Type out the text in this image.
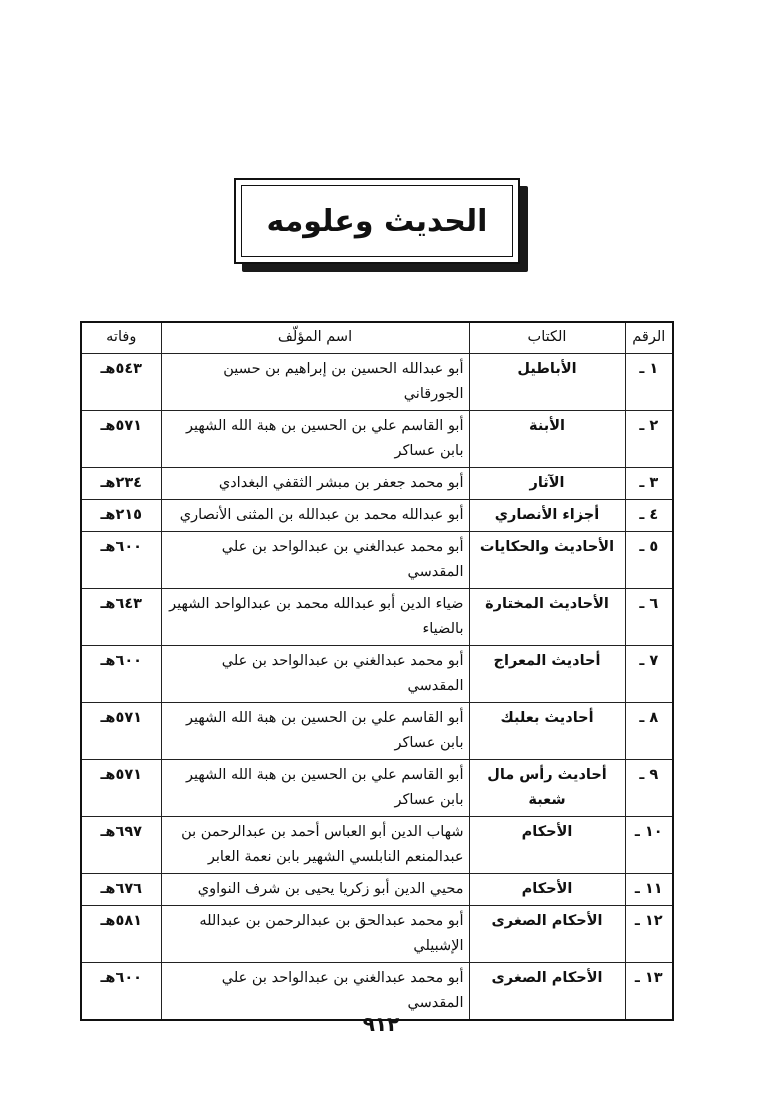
الحديث وعلومه
الرقم	الكتاب	اسم المؤلّف	وفاته
١ ـ	الأباطيل	أبو عبدالله الحسين بن إبراهيم بن حسين الجورقاني	٥٤٣هـ
٢ ـ	الأبنة	أبو القاسم علي بن الحسين بن هبة الله الشهير بابن عساكر	٥٧١هـ
٣ ـ	الآثار	أبو محمد جعفر بن مبشر الثقفي البغدادي	٢٣٤هـ
٤ ـ	أجزاء الأنصاري	أبو عبدالله محمد بن عبدالله بن المثنى الأنصاري	٢١٥هـ
٥ ـ	الأحاديث والحكايات	أبو محمد عبدالغني بن عبدالواحد بن علي المقدسي	٦٠٠هـ
٦ ـ	الأحاديث المختارة	ضياء الدين أبو عبدالله محمد بن عبدالواحد الشهير بالضياء	٦٤٣هـ
٧ ـ	أحاديث المعراج	أبو محمد عبدالغني بن عبدالواحد بن علي المقدسي	٦٠٠هـ
٨ ـ	أحاديث بعلبك	أبو القاسم علي بن الحسين بن هبة الله الشهير بابن عساكر	٥٧١هـ
٩ ـ	أحاديث رأس مال شعبة	أبو القاسم علي بن الحسين بن هبة الله الشهير بابن عساكر	٥٧١هـ
١٠ ـ	الأحكام	شهاب الدين أبو العباس أحمد بن عبدالرحمن بن عبدالمنعم النابلسي الشهير بابن نعمة العابر	٦٩٧هـ
١١ ـ	الأحكام	محيي الدين أبو زكريا يحيى بن شرف النواوي	٦٧٦هـ
١٢ ـ	الأحكام الصغرى	أبو محمد عبدالحق بن عبدالرحمن بن عبدالله الإشبيلي	٥٨١هـ
١٣ ـ	الأحكام الصغرى	أبو محمد عبدالغني بن عبدالواحد بن علي المقدسي	٦٠٠هـ
٩١٢
